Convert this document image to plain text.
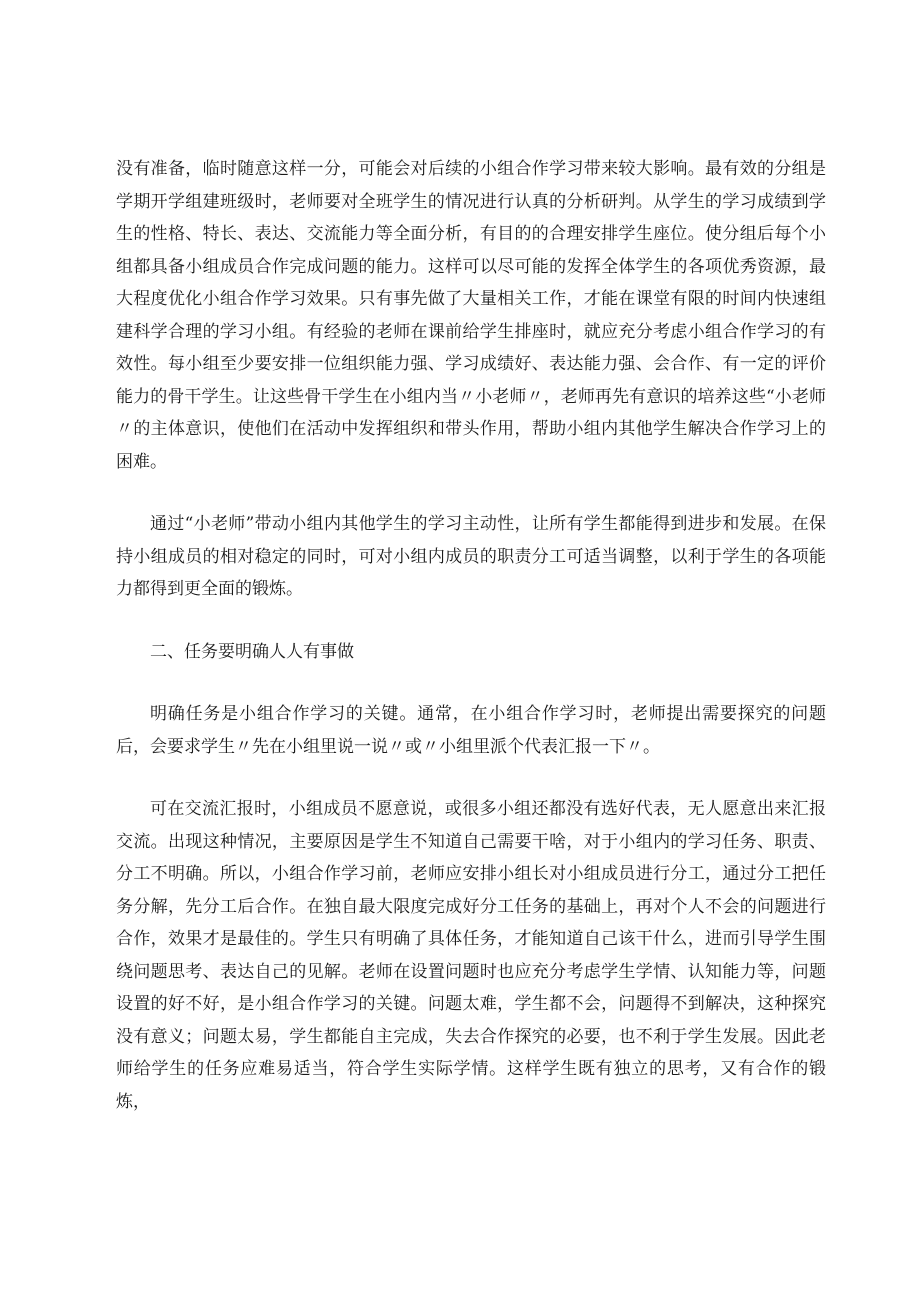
没有准备，临时随意这样一分，可能会对后续的小组合作学习带来较大影响。最有效的分组是学期开学组建班级时，老师要对全班学生的情况进行认真的分析研判。从学生的学习成绩到学生的性格、特长、表达、交流能力等全面分析，有目的的合理安排学生座位。使分组后每个小组都具备小组成员合作完成问题的能力。这样可以尽可能的发挥全体学生的各项优秀资源，最大程度优化小组合作学习效果。只有事先做了大量相关工作，才能在课堂有限的时间内快速组建科学合理的学习小组。有经验的老师在课前给学生排座时，就应充分考虑小组合作学习的有效性。每小组至少要安排一位组织能力强、学习成绩好、表达能力强、会合作、有一定的评价能力的骨干学生。让这些骨干学生在小组内当〃小老师〃，老师再先有意识的培养这些“小老师〃的主体意识，使他们在活动中发挥组织和带头作用，帮助小组内其他学生解决合作学习上的困难。

通过“小老师”带动小组内其他学生的学习主动性，让所有学生都能得到进步和发展。在保持小组成员的相对稳定的同时，可对小组内成员的职责分工可适当调整，以利于学生的各项能力都得到更全面的锻炼。

二、任务要明确人人有事做

明确任务是小组合作学习的关键。通常，在小组合作学习时，老师提出需要探究的问题后，会要求学生〃先在小组里说一说〃或〃小组里派个代表汇报一下〃。

可在交流汇报时，小组成员不愿意说，或很多小组还都没有选好代表，无人愿意出来汇报交流。出现这种情况，主要原因是学生不知道自己需要干啥，对于小组内的学习任务、职责、分工不明确。所以，小组合作学习前，老师应安排小组长对小组成员进行分工，通过分工把任务分解，先分工后合作。在独自最大限度完成好分工任务的基础上，再对个人不会的问题进行合作，效果才是最佳的。学生只有明确了具体任务，才能知道自己该干什么，进而引导学生围绕问题思考、表达自己的见解。老师在设置问题时也应充分考虑学生学情、认知能力等，问题设置的好不好，是小组合作学习的关键。问题太难，学生都不会，问题得不到解决，这种探究没有意义；问题太易，学生都能自主完成，失去合作探究的必要，也不利于学生发展。因此老师给学生的任务应难易适当，符合学生实际学情。这样学生既有独立的思考，又有合作的锻炼，
